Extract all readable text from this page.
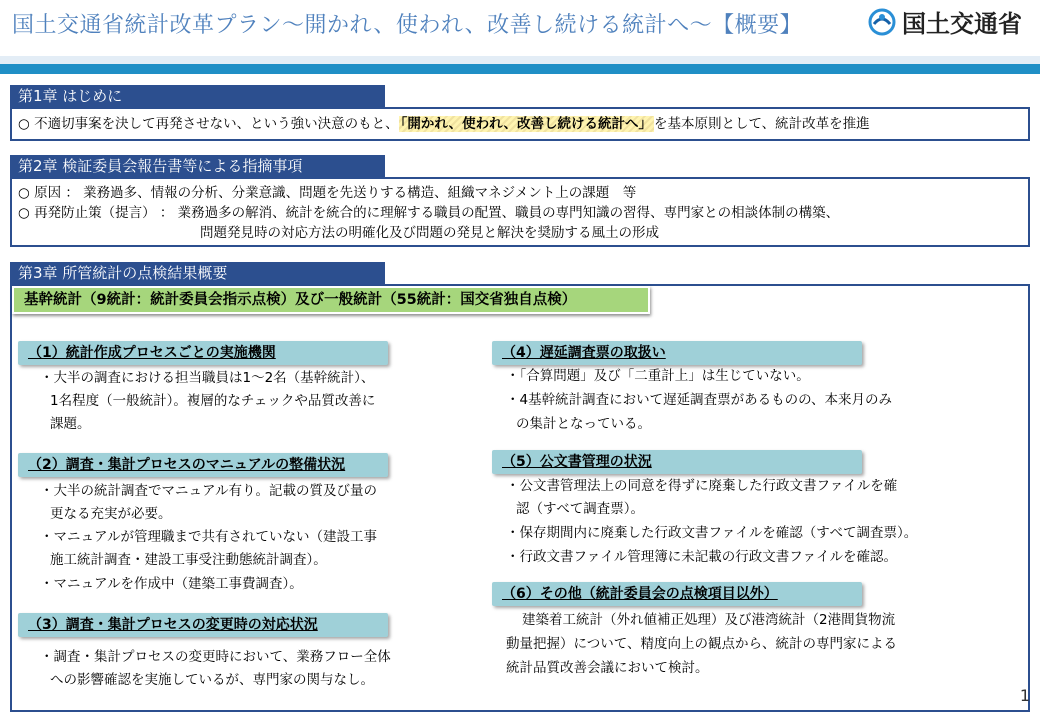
国土交通省統計改革プラン～開かれ、使われ、改善し続ける統計へ～【概要】	国土交通省
第1章 はじめに
○ 不適切事案を決して再発させない、という強い決意のもと、 「開かれ、使われ、改善し続ける統計へ」 を基本原則として、統計改革を推進
第2章 検証委員会報告書等による指摘事項
○ 原因 ： 業務過多、情報の分析、分業意識、問題を先送りする構造、組織マネジメント上の課題　等
○ 再発防止策（提言） ： 業務過多の解消、統計を統合的に理解する職員の配置、職員の専門知識の習得、専門家との相談体制の構築、
問題発見時の対応方法の明確化及び問題の発見と解決を奨励する風土の形成
第3章 所管統計の点検結果概要
基幹統計（9統計：統計委員会指示点検）及び一般統計（55統計：国交省独自点検）
（1）統計作成プロセスごとの実施機関
・大半の調査における担当職員は1～2名（基幹統計）、
1名程度（一般統計）。複層的なチェックや品質改善に
課題。
（2）調査・集計プロセスのマニュアルの整備状況
・大半の統計調査でマニュアル有り。記載の質及び量の
更なる充実が必要。
・マニュアルが管理職まで共有されていない（建設工事
施工統計調査・建設工事受注動態統計調査）。
・マニュアルを作成中（建築工事費調査）。
（3）調査・集計プロセスの変更時の対応状況
・調査・集計プロセスの変更時において、業務フロー全体
への影響確認を実施しているが、専門家の関与なし。
（4）遅延調査票の取扱い
・「合算問題」及び「二重計上」は生じていない。
・4基幹統計調査において遅延調査票があるものの、本来月のみ
の集計となっている。
（5）公文書管理の状況
・公文書管理法上の同意を得ずに廃棄した行政文書ファイルを確
認（すべて調査票）。
・保存期間内に廃棄した行政文書ファイルを確認（すべて調査票）。
・行政文書ファイル管理簿に未記載の行政文書ファイルを確認。
（6）その他（統計委員会の点検項目以外）
建築着工統計（外れ値補正処理）及び港湾統計（2港間貨物流
動量把握）について、精度向上の観点から、統計の専門家による
統計品質改善会議において検討。
1
